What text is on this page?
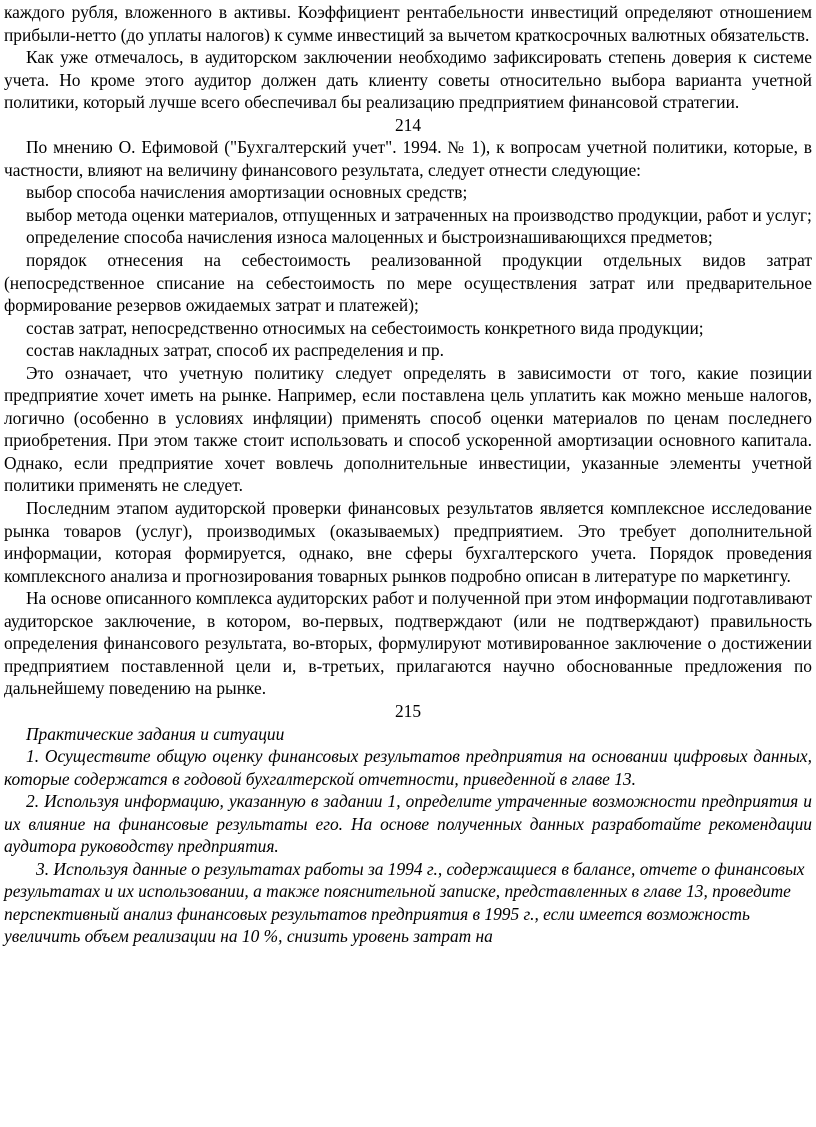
каждого рубля, вложенного в активы. Коэффициент рентабельности инвестиций определяют отношением прибыли-нетто (до уплаты налогов) к сумме инвестиций за вычетом краткосрочных валютных обязательств.

Как уже отмечалось, в аудиторском заключении необходимо зафиксировать степень доверия к системе учета. Но кроме этого аудитор должен дать клиенту советы относительно выбора варианта учетной политики, который лучше всего обеспечивал бы реализацию предприятием финансовой стратегии.

214

По мнению О. Ефимовой ("Бухгалтерский учет". 1994. № 1), к вопросам учетной политики, которые, в частности, влияют на величину финансового результата, следует отнести следующие:

выбор способа начисления амортизации основных средств;

выбор метода оценки материалов, отпущенных и затраченных на производство продукции, работ и услуг;

определение способа начисления износа малоценных и быстроизнашивающихся предметов;

порядок отнесения на себестоимость реализованной продукции отдельных видов затрат (непосредственное списание на себестоимость по мере осуществления затрат или предварительное формирование резервов ожидаемых затрат и платежей);

состав затрат, непосредственно относимых на себестоимость конкретного вида продукции;

состав накладных затрат, способ их распределения и пр.

Это означает, что учетную политику следует определять в зависимости от того, какие позиции предприятие хочет иметь на рынке. Например, если поставлена цель уплатить как можно меньше налогов, логично (особенно в условиях инфляции) применять способ оценки материалов по ценам последнего приобретения. При этом также стоит использовать и способ ускоренной амортизации основного капитала. Однако, если предприятие хочет вовлечь дополнительные инвестиции, указанные элементы учетной политики применять не следует.

Последним этапом аудиторской проверки финансовых результатов является комплексное исследование рынка товаров (услуг), производимых (оказываемых) предприятием. Это требует дополнительной информации, которая формируется, однако, вне сферы бухгалтерского учета. Порядок проведения комплексного анализа и прогнозирования товарных рынков подробно описан в литературе по маркетингу.

На основе описанного комплекса аудиторских работ и полученной при этом информации подготавливают аудиторское заключение, в котором, во-первых, подтверждают (или не подтверждают) правильность определения финансового результата, во-вторых, формулируют мотивированное заключение о достижении предприятием поставленной цели и, в-третьих, прилагаются научно обоснованные предложения по дальнейшему поведению на рынке.

215

Практические задания и ситуации

1. Осуществите общую оценку финансовых результатов предприятия на основании цифровых данных, которые содержатся в годовой бухгалтерской отчетности, приведенной в главе 13.

2. Используя информацию, указанную в задании 1, определите утраченные возможности предприятия и их влияние на финансовые результаты его. На основе полученных данных разработайте рекомендации аудитора руководству предприятия.

3. Используя данные о результатах работы за 1994 г., содержащиеся в балансе, отчете о финансовых результатах и их использовании, а также пояснительной записке, представленных в главе 13, проведите перспективный анализ финансовых результатов предприятия в 1995 г., если имеется возможность увеличить объем реализации на 10 %, снизить уровень затрат на
